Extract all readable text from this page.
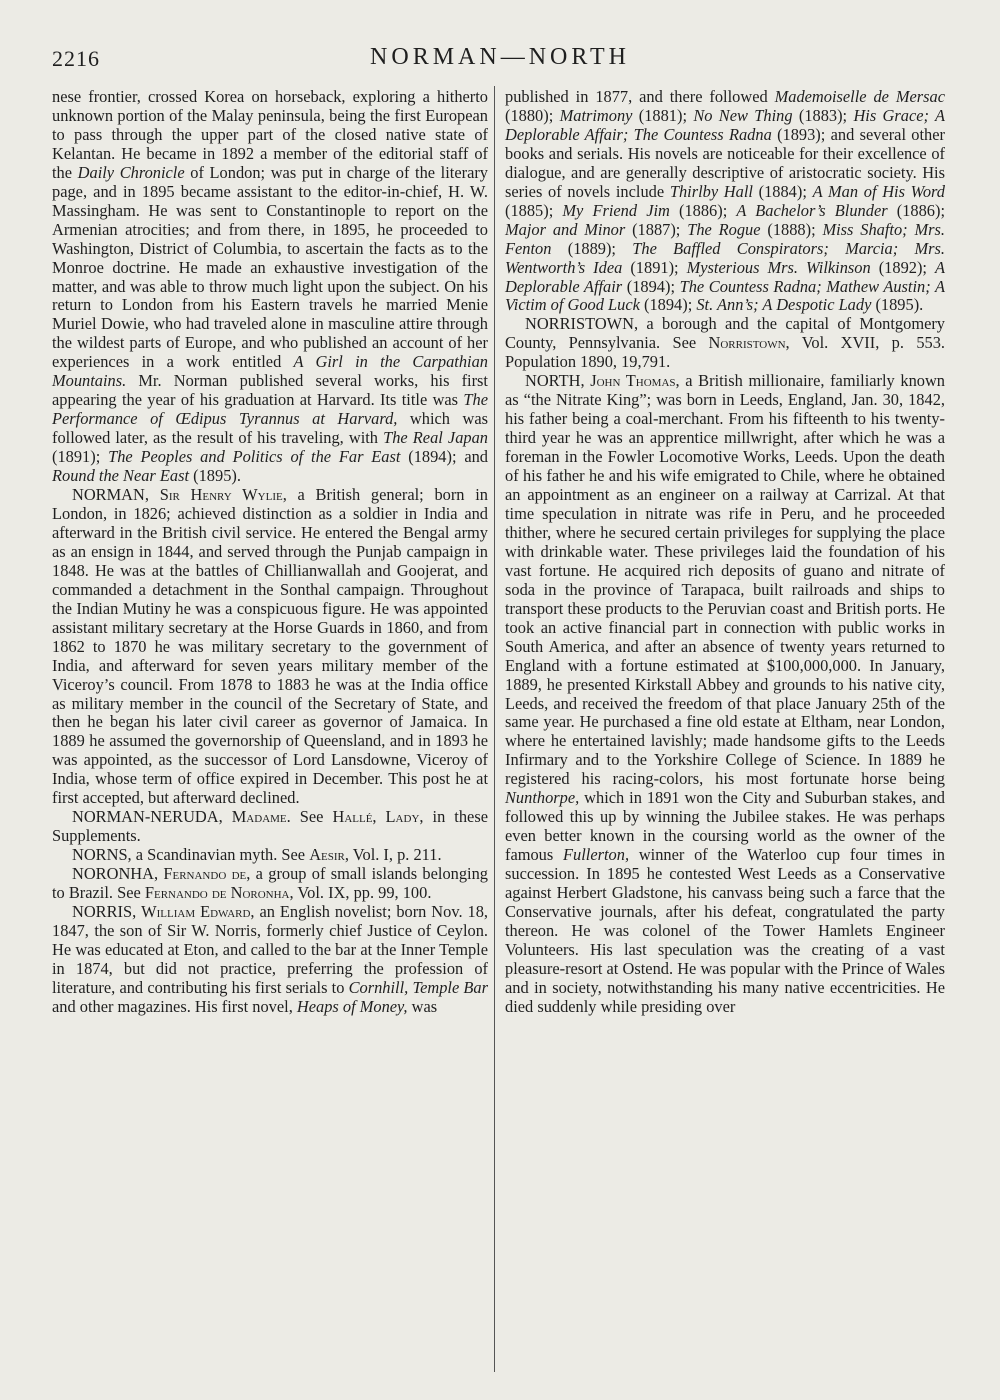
2216	NORMAN—NORTH

nese frontier, crossed Korea on horseback, exploring a hitherto unknown portion of the Malay peninsula, being the first European to pass through the upper part of the closed native state of Kelantan. He became in 1892 a member of the editorial staff of the Daily Chronicle of London; was put in charge of the literary page, and in 1895 became assistant to the editor-in-chief, H. W. Massingham. He was sent to Constantinople to report on the Armenian atrocities; and from there, in 1895, he proceeded to Washington, District of Columbia, to ascertain the facts as to the Monroe doctrine. He made an exhaustive investigation of the matter, and was able to throw much light upon the subject. On his return to London from his Eastern travels he married Menie Muriel Dowie, who had traveled alone in masculine attire through the wildest parts of Europe, and who published an account of her experiences in a work entitled A Girl in the Carpathian Mountains. Mr. Norman published several works, his first appearing the year of his graduation at Harvard. Its title was The Performance of Œdipus Tyrannus at Harvard, which was followed later, as the result of his traveling, with The Real Japan (1891); The Peoples and Politics of the Far East (1894); and Round the Near East (1895).

NORMAN, Sir Henry Wylie, a British general; born in London, in 1826; achieved distinction as a soldier in India and afterward in the British civil service. He entered the Bengal army as an ensign in 1844, and served through the Punjab campaign in 1848. He was at the battles of Chillianwallah and Goojerat, and commanded a detachment in the Sonthal campaign. Throughout the Indian Mutiny he was a conspicuous figure. He was appointed assistant military secretary at the Horse Guards in 1860, and from 1862 to 1870 he was military secretary to the government of India, and afterward for seven years military member of the Viceroy’s council. From 1878 to 1883 he was at the India office as military member in the council of the Secretary of State, and then he began his later civil career as governor of Jamaica. In 1889 he assumed the governorship of Queensland, and in 1893 he was appointed, as the successor of Lord Lansdowne, Viceroy of India, whose term of office expired in December. This post he at first accepted, but afterward declined.

NORMAN-NERUDA, Madame. See Hallé, Lady, in these Supplements.

NORNS, a Scandinavian myth. See Aesir, Vol. I, p. 211.

NORONHA, Fernando de, a group of small islands belonging to Brazil. See Fernando de Noronha, Vol. IX, pp. 99, 100.

NORRIS, William Edward, an English novelist; born Nov. 18, 1847, the son of Sir W. Norris, formerly chief Justice of Ceylon. He was educated at Eton, and called to the bar at the Inner Temple in 1874, but did not practice, preferring the profession of literature, and contributing his first serials to Cornhill, Temple Bar and other magazines. His first novel, Heaps of Money, was

published in 1877, and there followed Mademoiselle de Mersac (1880); Matrimony (1881); No New Thing (1883); His Grace; A Deplorable Affair; The Countess Radna (1893); and several other books and serials. His novels are noticeable for their excellence of dialogue, and are generally descriptive of aristocratic society. His series of novels include Thirlby Hall (1884); A Man of His Word (1885); My Friend Jim (1886); A Bachelor’s Blunder (1886); Major and Minor (1887); The Rogue (1888); Miss Shafto; Mrs. Fenton (1889); The Baffled Conspirators; Marcia; Mrs. Wentworth’s Idea (1891); Mysterious Mrs. Wilkinson (1892); A Deplorable Affair (1894); The Countess Radna; Mathew Austin; A Victim of Good Luck (1894); St. Ann’s; A Despotic Lady (1895).

NORRISTOWN, a borough and the capital of Montgomery County, Pennsylvania. See Norristown, Vol. XVII, p. 553. Population 1890, 19,791.

NORTH, John Thomas, a British millionaire, familiarly known as “the Nitrate King”; was born in Leeds, England, Jan. 30, 1842, his father being a coal-merchant. From his fifteenth to his twenty-third year he was an apprentice millwright, after which he was a foreman in the Fowler Locomotive Works, Leeds. Upon the death of his father he and his wife emigrated to Chile, where he obtained an appointment as an engineer on a railway at Carrizal. At that time speculation in nitrate was rife in Peru, and he proceeded thither, where he secured certain privileges for supplying the place with drinkable water. These privileges laid the foundation of his vast fortune. He acquired rich deposits of guano and nitrate of soda in the province of Tarapaca, built railroads and ships to transport these products to the Peruvian coast and British ports. He took an active financial part in connection with public works in South America, and after an absence of twenty years returned to England with a fortune estimated at $100,000,000. In January, 1889, he presented Kirkstall Abbey and grounds to his native city, Leeds, and received the freedom of that place January 25th of the same year. He purchased a fine old estate at Eltham, near London, where he entertained lavishly; made handsome gifts to the Leeds Infirmary and to the Yorkshire College of Science. In 1889 he registered his racing-colors, his most fortunate horse being Nunthorpe, which in 1891 won the City and Suburban stakes, and followed this up by winning the Jubilee stakes. He was perhaps even better known in the coursing world as the owner of the famous Fullerton, winner of the Waterloo cup four times in succession. In 1895 he contested West Leeds as a Conservative against Herbert Gladstone, his canvass being such a farce that the Conservative journals, after his defeat, congratulated the party thereon. He was colonel of the Tower Hamlets Engineer Volunteers. His last speculation was the creating of a vast pleasure-resort at Ostend. He was popular with the Prince of Wales and in society, notwithstanding his many native eccentricities. He died suddenly while presiding over
